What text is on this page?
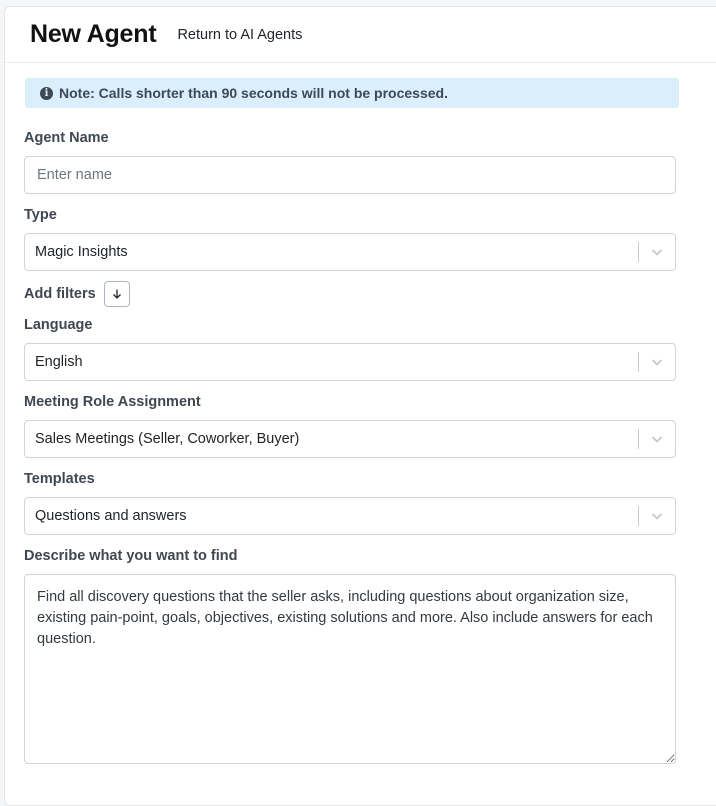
New Agent Return to AI Agents
i Note: Calls shorter than 90 seconds will not be processed.

Agent Name

Enter name

Type

Magic Insights

Add filters

Language

English

Meeting Role Assignment

Sales Meetings (Seller, Coworker, Buyer)

Templates

Questions and answers

Describe what you want to find

Find all discovery questions that the seller asks, including questions about organization size, existing pain-point, goals, objectives, existing solutions and more. Also include answers for each question.
